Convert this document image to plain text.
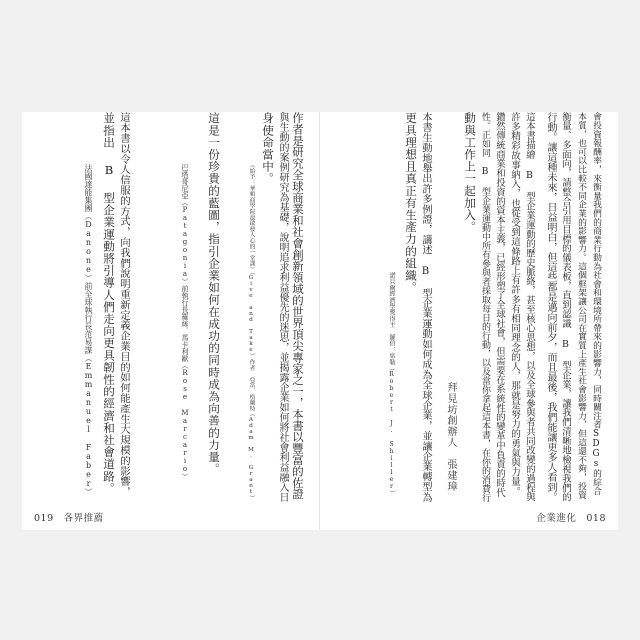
會投資報酬率，來衡量我們的商業行動為社會和環境所帶來的影響力，同時關注者SDGs的綜合
本質，也可以比較不同企業的影響力。這個框架讓公司在實質上產生社會影響力，但這還不夠，投資
衡量、多面向，請整合引用目標的儀表板，直到認識 B 型企業，讓我們清晰地檢視我們的
行動。讓這種未來，日益明白，但這些都是邁向前夕，而且最後，我們能讓更多人看到。
這本書描繪 B 型企業運動的歷史脈絡，甚至核心思想，以及全球參與者共同改變的過程與
許多精彩故事納入，也從受到這條路上有許多有相同理念的人，那就是努力的勇氣與力量。
鑽然傳統商業和投資的資本主義，已經形塑了全球社會，但需要在系統性的變革中負責的時代
性。正如同 B 型企業運動中所有參與者採取每日的行動，以及當你拿起這本書，在你的消費行
動與工作上一起加入。
拜見坊創辦人　張建璋
本書生動地舉出許多例證，講述 B 型企業運動如何成為全球企業，並讓企業轉型為
更具理想且真正有生產力的組織。
諾貝爾經濟學獎得主　羅伯．席勒（Robert J. Shiller）
企業進化　018
作者是研究全球商業和社會創新領域的世界頂尖專家之一，本書以豐富的佐證
與生動的案例研究為基礎，說明追求利益優先的迷思，並揭露企業如何將社會利益融入日
身使命當中。
《給予：華頓商學院最啟發人心的一堂課》（Give and Take）作者　亞當．格蘭特（Adam M. Grant）
這是一份珍貴的藍圖，指引企業如何在成功的同時成為向善的力量。
巴塔哥尼亞（Patagonia）前執行長羅絲．馬卡利歐（Rose Marcario）
這本書以令人信服的方式，向我們說明重新定義企業目的如何能產生大規模的影響，
並指出 B 型企業運動將引導人們走向更具韌性的經濟和社會道路。
法國達能集團（Danone）前全球執行長范易謀（Emmanuel Faber）
019　各界推薦
